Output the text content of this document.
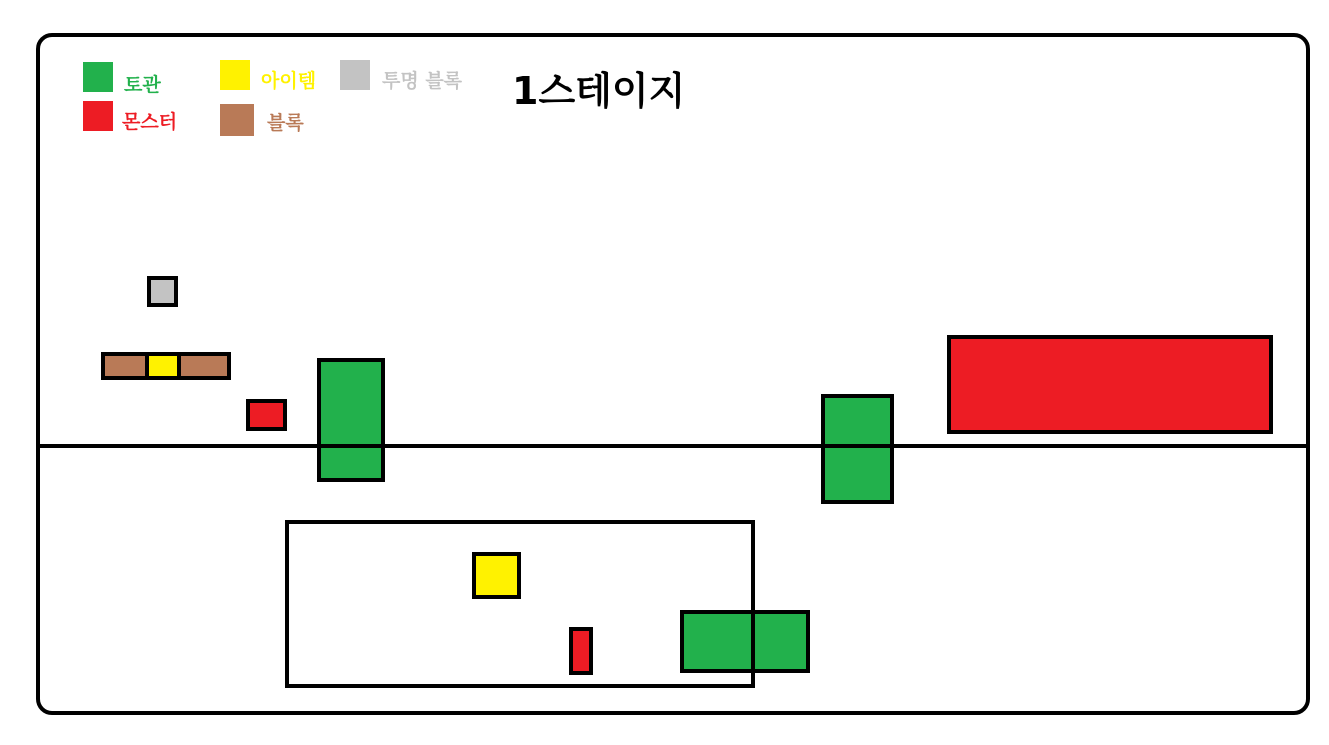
토관	아이템	투명 블록
몬스터	블록
1스테이지
